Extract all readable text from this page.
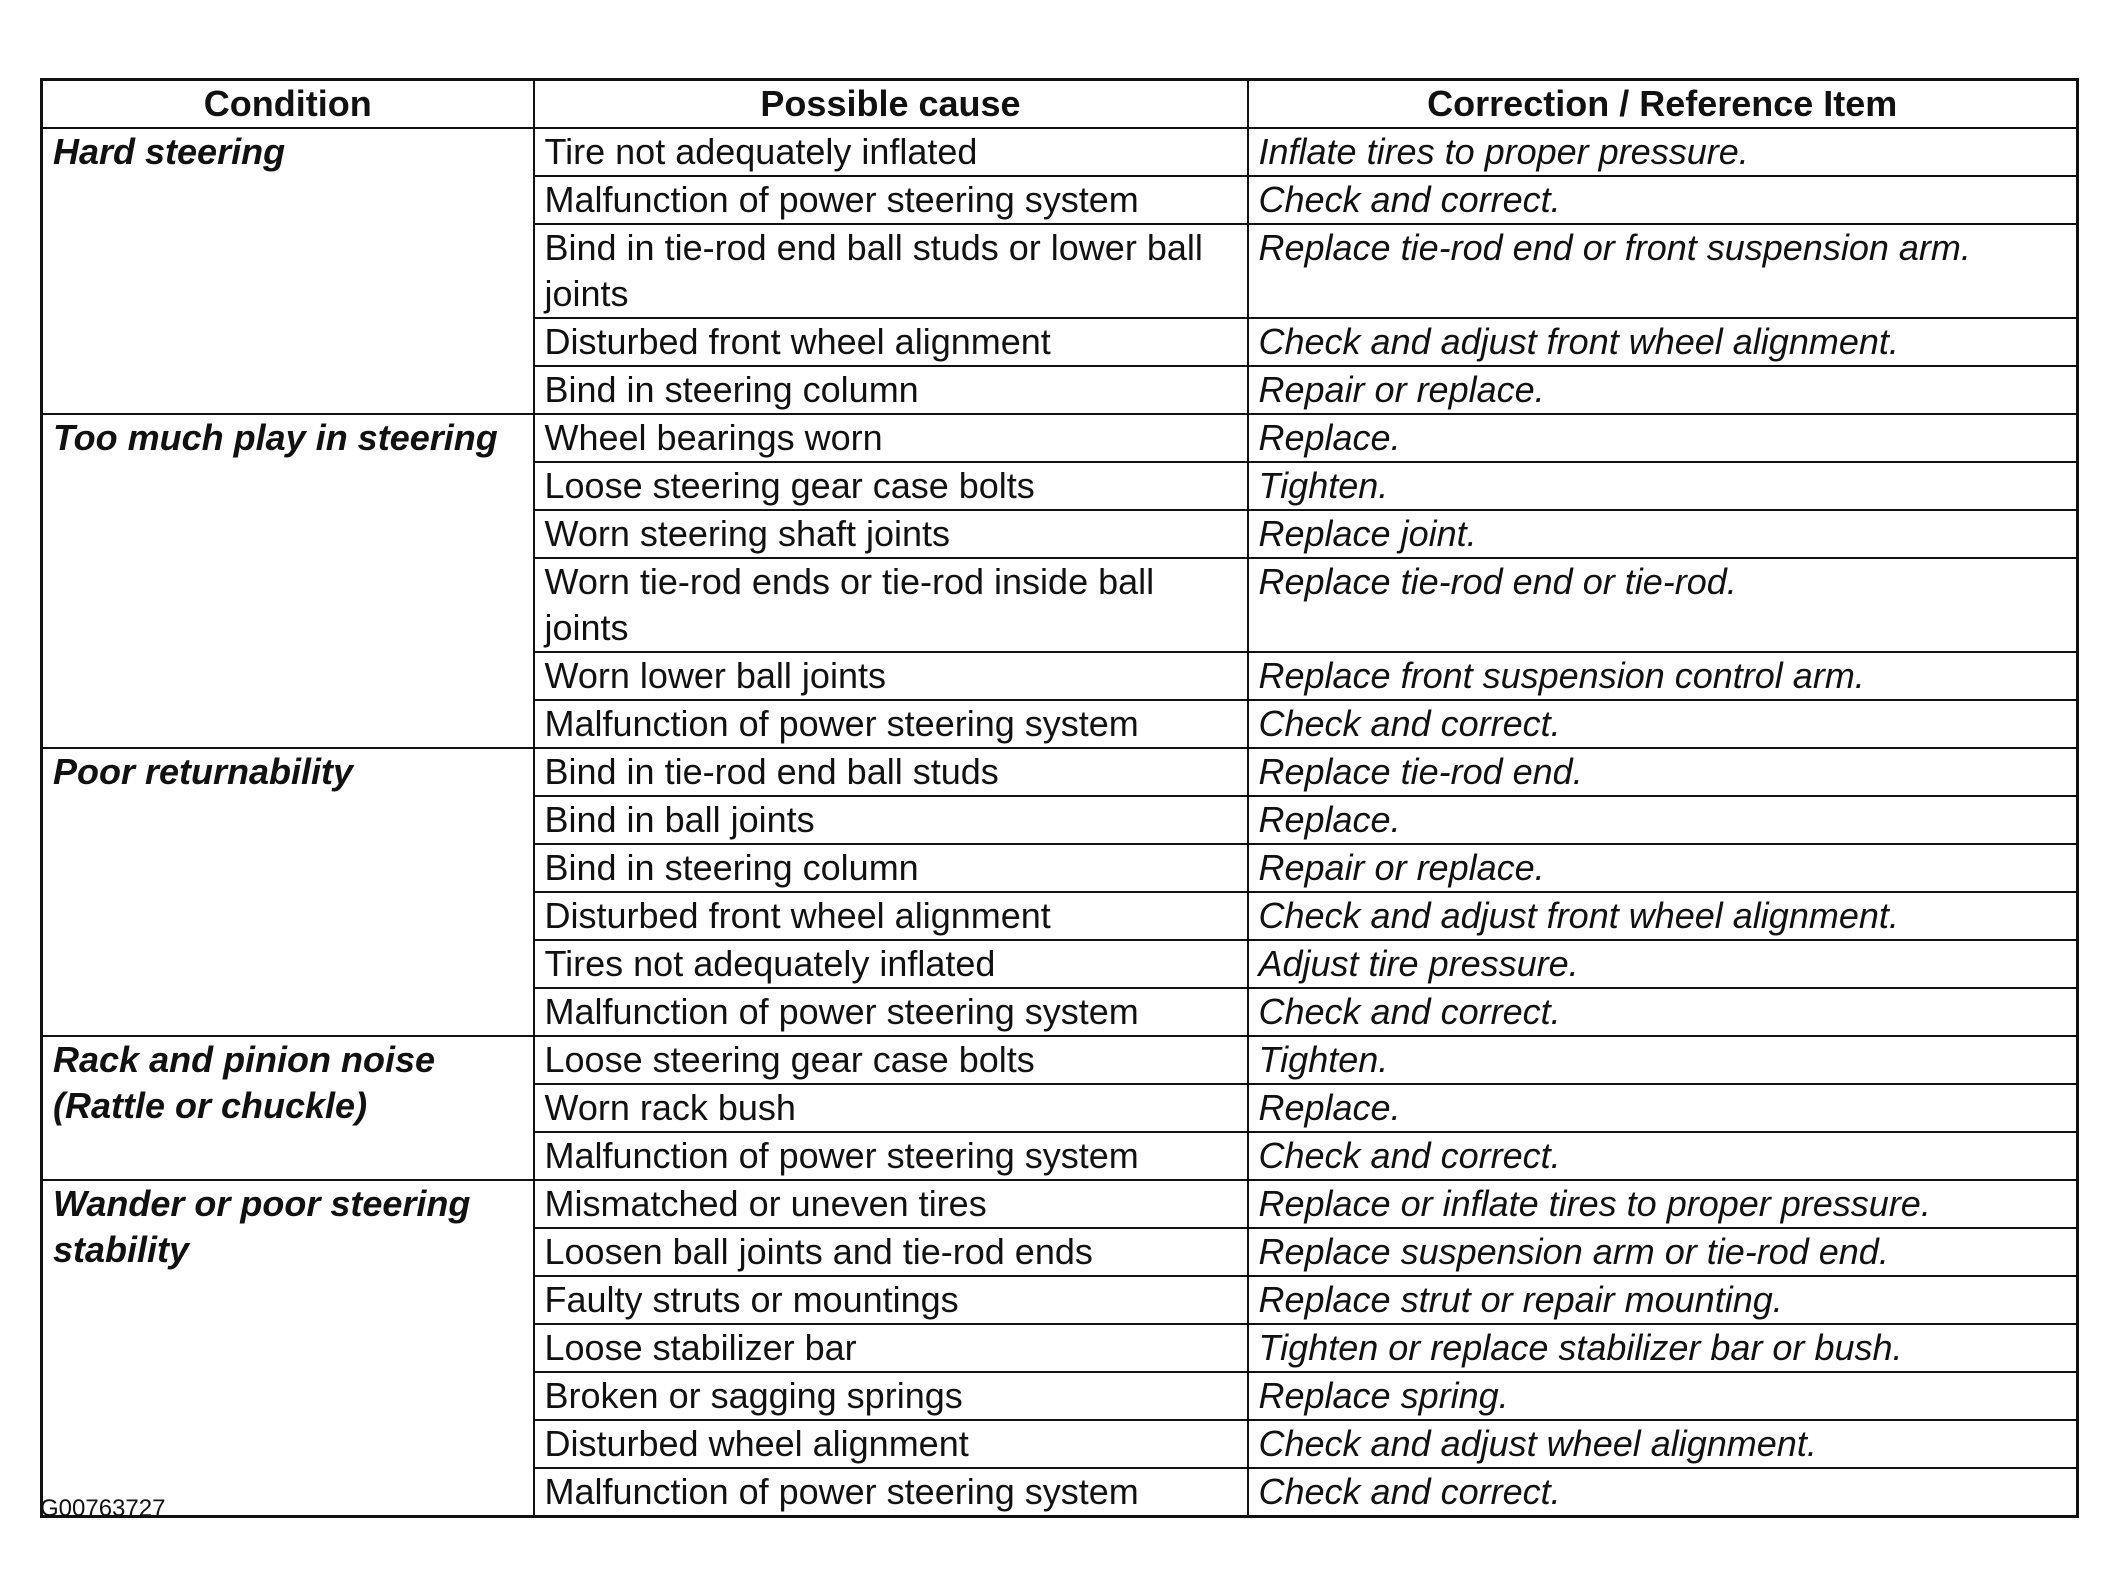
Condition	Possible cause	Correction / Reference Item
Hard steering	Tire not adequately inflated	Inflate tires to proper pressure.
	Malfunction of power steering system	Check and correct.
	Bind in tie-rod end ball studs or lower ball joints	Replace tie-rod end or front suspension arm.
	Disturbed front wheel alignment	Check and adjust front wheel alignment.
	Bind in steering column	Repair or replace.
Too much play in steering	Wheel bearings worn	Replace.
	Loose steering gear case bolts	Tighten.
	Worn steering shaft joints	Replace joint.
	Worn tie-rod ends or tie-rod inside ball joints	Replace tie-rod end or tie-rod.
	Worn lower ball joints	Replace front suspension control arm.
	Malfunction of power steering system	Check and correct.
Poor returnability	Bind in tie-rod end ball studs	Replace tie-rod end.
	Bind in ball joints	Replace.
	Bind in steering column	Repair or replace.
	Disturbed front wheel alignment	Check and adjust front wheel alignment.
	Tires not adequately inflated	Adjust tire pressure.
	Malfunction of power steering system	Check and correct.
Rack and pinion noise (Rattle or chuckle)	Loose steering gear case bolts	Tighten.
	Worn rack bush	Replace.
	Malfunction of power steering system	Check and correct.
Wander or poor steering stability	Mismatched or uneven tires	Replace or inflate tires to proper pressure.
	Loosen ball joints and tie-rod ends	Replace suspension arm or tie-rod end.
	Faulty struts or mountings	Replace strut or repair mounting.
	Loose stabilizer bar	Tighten or replace stabilizer bar or bush.
	Broken or sagging springs	Replace spring.
	Disturbed wheel alignment	Check and adjust wheel alignment.
	Malfunction of power steering system	Check and correct.
G00763727
